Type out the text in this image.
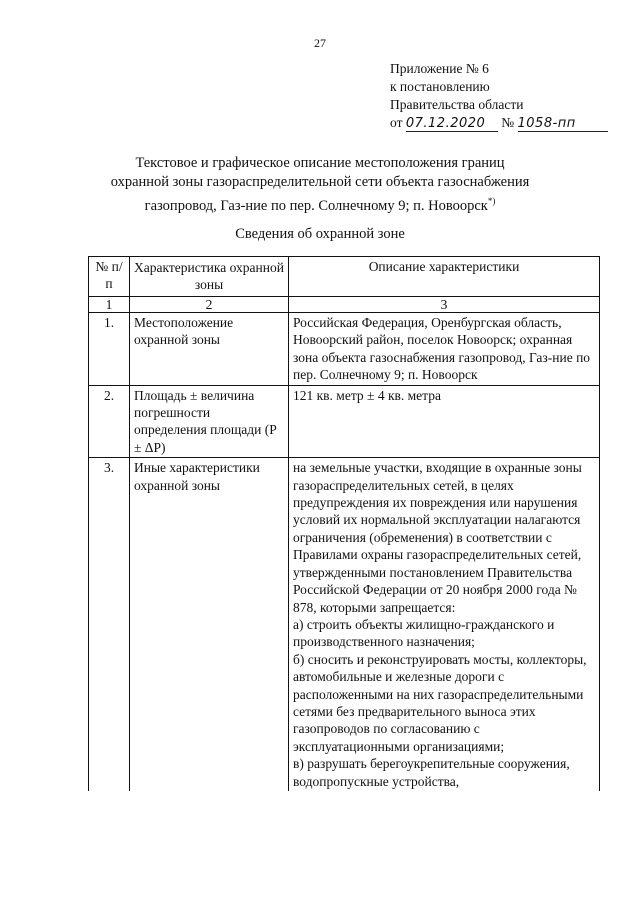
27
Приложение № 6
к постановлению
Правительства области
от 07.12.2020 № 1058-пп
Текстовое и графическое описание местоположения границ
охранной зоны газораспределительной сети объекта газоснабжения
газопровод, Газ-ние по пер. Солнечному 9; п. Новоорск*)
Сведения об охранной зоне
№ п/п	Характеристика охранной зоны	Описание характеристики
1	2	3
1.	Местоположение охранной зоны	Российская Федерация, Оренбургская область, Новоорский район, поселок Новоорск; охранная зона объекта газоснабжения газопровод, Газ-ние по пер. Солнечному 9; п. Новоорск
2.	Площадь ± величина погрешности определения площади (Р ± ΔР)	121 кв. метр ± 4 кв. метра
3.	Иные характеристики охранной зоны	на земельные участки, входящие в охранные зоны газораспределительных сетей, в целях предупреждения их повреждения или нарушения условий их нормальной эксплуатации налагаются ограничения (обременения) в соответствии с Правилами охраны газораспределительных сетей, утвержденными постановлением Правительства Российской Федерации от 20 ноября 2000 года № 878, которыми запрещается:
а) строить объекты жилищно-гражданского и производственного назначения;
б) сносить и реконструировать мосты, коллекторы, автомобильные и железные дороги с расположенными на них газораспределительными сетями без предварительного выноса этих газопроводов по согласованию с эксплуатационными организациями;
в) разрушать берегоукрепительные сооружения, водопропускные устройства,
